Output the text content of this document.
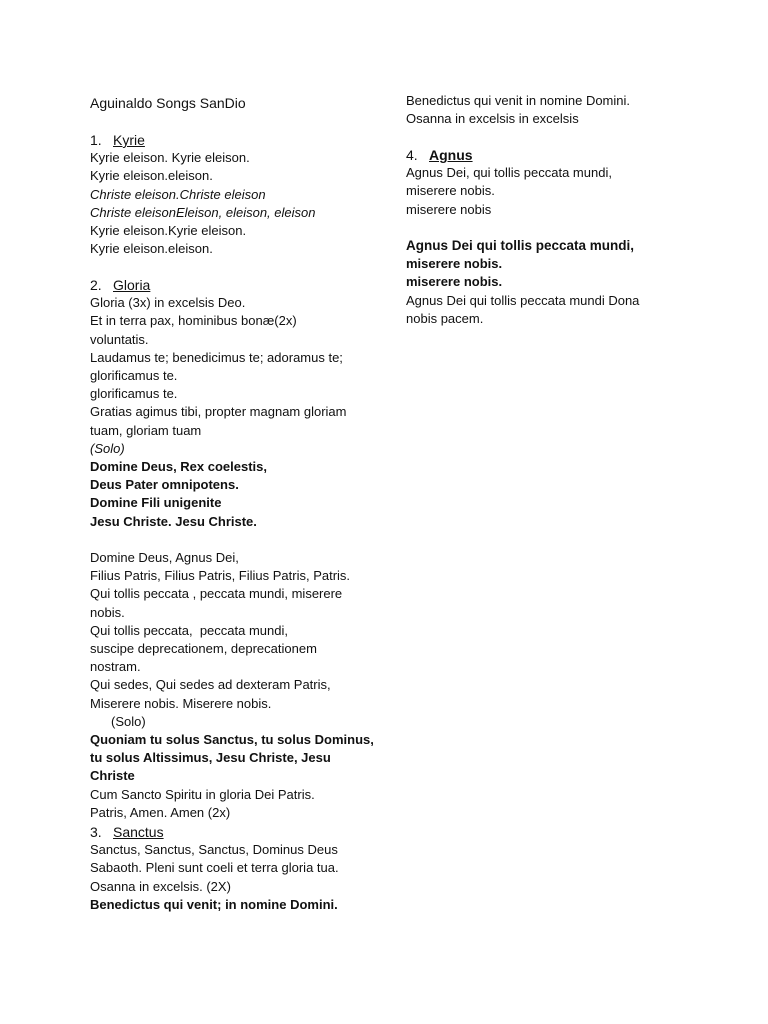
Aguinaldo Songs SanDio

1. Kyrie

Kyrie eleison. Kyrie eleison.

Kyrie eleison.eleison.

Christe eleison.Christe eleison

Christe eleisonEleison, eleison, eleison

Kyrie eleison.Kyrie eleison.

Kyrie eleison.eleison.

2. Gloria

Gloria (3x) in excelsis Deo.

Et in terra pax, hominibus bonæ(2x)

voluntatis.

Laudamus te; benedicimus te; adoramus te;

glorificamus te.

glorificamus te.

Gratias agimus tibi, propter magnam gloriam

tuam, gloriam tuam

(Solo)

Domine Deus, Rex coelestis,

Deus Pater omnipotens.

Domine Fili unigenite

Jesu Christe. Jesu Christe.

Domine Deus, Agnus Dei,

Filius Patris, Filius Patris, Filius Patris, Patris.

Qui tollis peccata , peccata mundi, miserere

nobis.

Qui tollis peccata,  peccata mundi,

suscipe deprecationem, deprecationem

nostram.

Qui sedes, Qui sedes ad dexteram Patris,

Miserere nobis. Miserere nobis.

(Solo)

Quoniam tu solus Sanctus, tu solus Dominus,

tu solus Altissimus, Jesu Christe, Jesu Christe

Cum Sancto Spiritu in gloria Dei Patris.

Patris, Amen. Amen (2x)

3. Sanctus

Sanctus, Sanctus, Sanctus, Dominus Deus

Sabaoth. Pleni sunt coeli et terra gloria tua.

Osanna in excelsis. (2X)

Benedictus qui venit; in nomine Domini.

Benedictus qui venit in nomine Domini.

Osanna in excelsis in excelsis

4. Agnus

Agnus Dei, qui tollis peccata mundi,

miserere nobis.

miserere nobis

Agnus Dei qui tollis peccata mundi,

miserere nobis.

miserere nobis.

Agnus Dei qui tollis peccata mundi Dona

nobis pacem.
